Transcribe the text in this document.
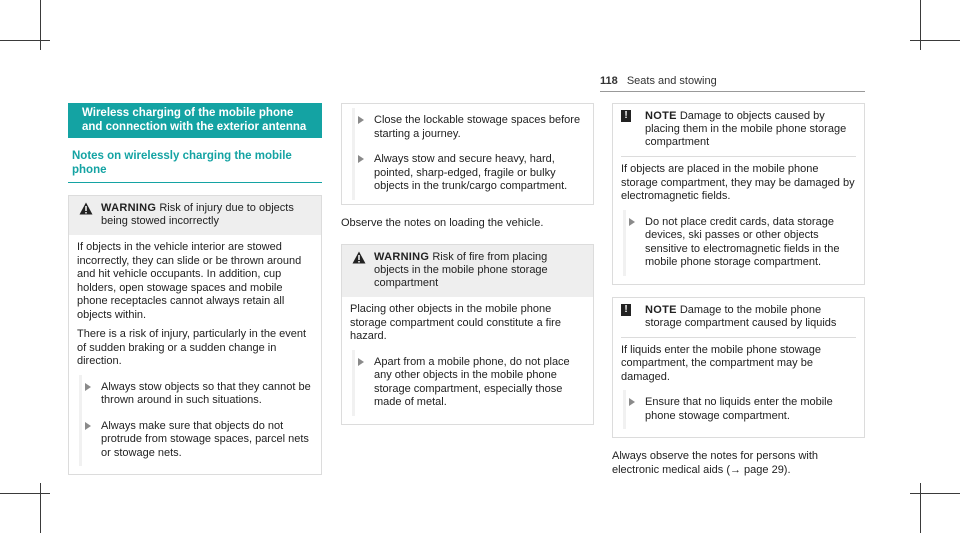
118 Seats and stowing
Wireless charging of the mobile phone and connection with the exterior antenna
Notes on wirelessly charging the mobile phone
WARNING Risk of injury due to objects being stowed incorrectly

If objects in the vehicle interior are stowed incorrectly, they can slide or be thrown around and hit vehicle occupants. In addition, cup holders, open stowage spaces and mobile phone receptacles cannot always retain all objects within.

There is a risk of injury, particularly in the event of sudden braking or a sudden change in direction.

Always stow objects so that they cannot be thrown around in such situations.
Always make sure that objects do not protrude from stowage spaces, parcel nets or stowage nets.
Close the lockable stowage spaces before starting a journey.
Always stow and secure heavy, hard, pointed, sharp-edged, fragile or bulky objects in the trunk/cargo compartment.
Observe the notes on loading the vehicle.
WARNING Risk of fire from placing objects in the mobile phone storage compartment

Placing other objects in the mobile phone storage compartment could constitute a fire hazard.

Apart from a mobile phone, do not place any other objects in the mobile phone storage compartment, especially those made of metal.
!	NOTE Damage to objects caused by placing them in the mobile phone storage compartment

If objects are placed in the mobile phone storage compartment, they may be damaged by electromagnetic fields.

Do not place credit cards, data storage devices, ski passes or other objects sensitive to electromagnetic fields in the mobile phone storage compartment.
!	NOTE Damage to the mobile phone storage compartment caused by liquids

If liquids enter the mobile phone stowage compartment, the compartment may be damaged.

Ensure that no liquids enter the mobile phone stowage compartment.
Always observe the notes for persons with electronic medical aids (→ page 29).
